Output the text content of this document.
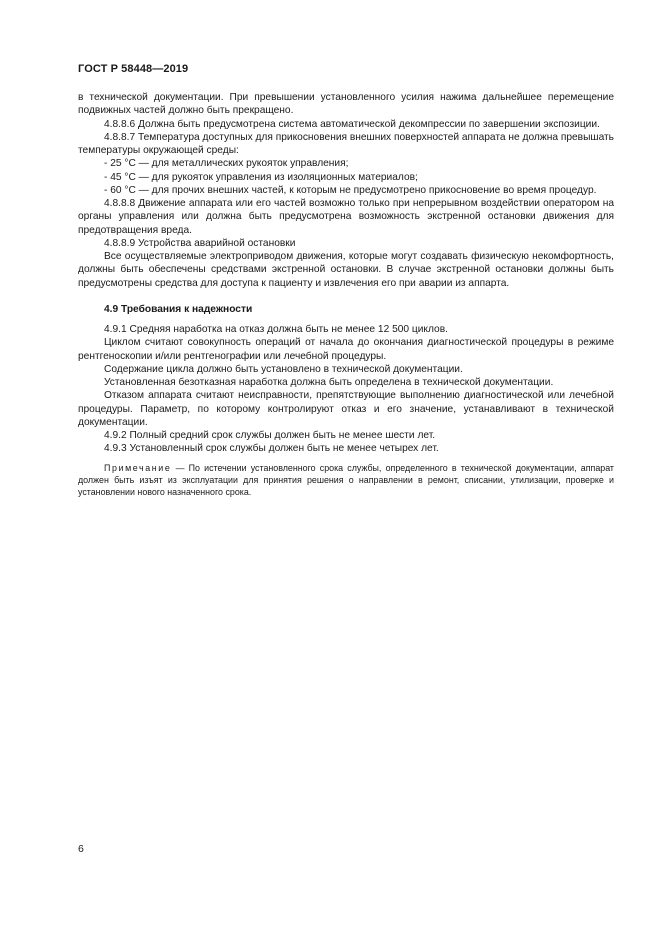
ГОСТ Р 58448—2019

в технической документации. При превышении установленного усилия нажима дальнейшее перемещение подвижных частей должно быть прекращено.

4.8.8.6 Должна быть предусмотрена система автоматической декомпрессии по завершении экспозиции.

4.8.8.7 Температура доступных для прикосновения внешних поверхностей аппарата не должна превышать температуры окружающей среды:

- 25 °C — для металлических рукояток управления;

- 45 °C — для рукояток управления из изоляционных материалов;

- 60 °C — для прочих внешних частей, к которым не предусмотрено прикосновение во время процедур.

4.8.8.8 Движение аппарата или его частей возможно только при непрерывном воздействии оператором на органы управления или должна быть предусмотрена возможность экстренной остановки движения для предотвращения вреда.

4.8.8.9 Устройства аварийной остановки

Все осуществляемые электроприводом движения, которые могут создавать физическую некомфортность, должны быть обеспечены средствами экстренной остановки. В случае экстренной остановки должны быть предусмотрены средства для доступа к пациенту и извлечения его при аварии из аппарта.

4.9 Требования к надежности

4.9.1 Средняя наработка на отказ должна быть не менее 12 500 циклов.

Циклом считают совокупность операций от начала до окончания диагностической процедуры в режиме рентгеноскопии и/или рентгенографии или лечебной процедуры.

Содержание цикла должно быть установлено в технической документации.

Установленная безотказная наработка должна быть определена в технической документации.

Отказом аппарата считают неисправности, препятствующие выполнению диагностической или лечебной процедуры. Параметр, по которому контролируют отказ и его значение, устанавливают в технической документации.

4.9.2 Полный средний срок службы должен быть не менее шести лет.

4.9.3 Установленный срок службы должен быть не менее четырех лет.

Примечание — По истечении установленного срока службы, определенного в технической документации, аппарат должен быть изъят из эксплуатации для принятия решения о направлении в ремонт, списании, утилизации, проверке и установлении нового назначенного срока.

6
